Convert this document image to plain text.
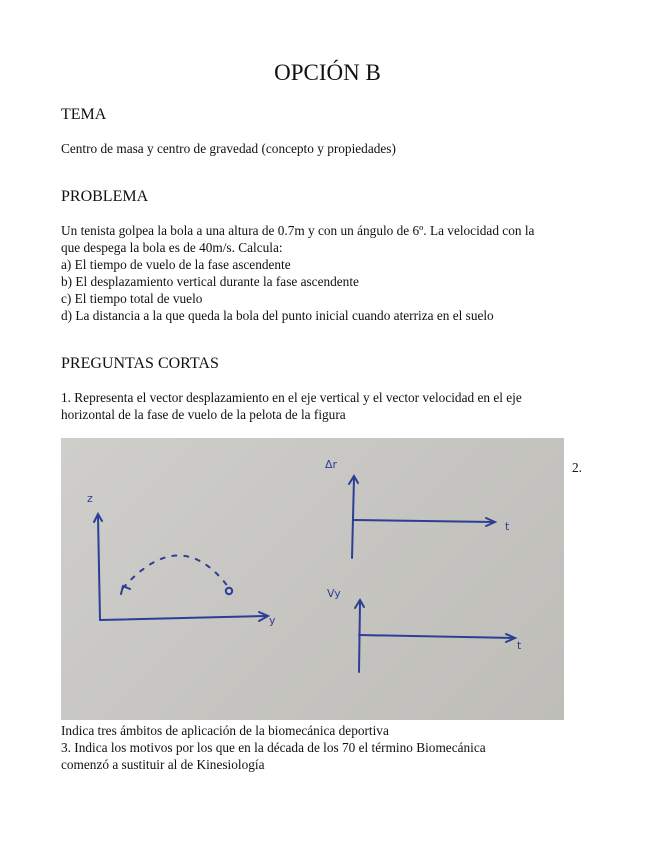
OPCIÓN B
TEMA
Centro de masa y centro de gravedad (concepto y propiedades)
PROBLEMA
Un tenista golpea la bola a una altura de 0.7m y con un ángulo de 6º. La velocidad con la
que despega la bola es de 40m/s. Calcula:
a) El tiempo de vuelo de la fase ascendente
b) El desplazamiento vertical durante la fase ascendente
c) El tiempo total de vuelo
d) La distancia a la que queda la bola del punto inicial cuando aterriza en el suelo
PREGUNTAS CORTAS
1. Representa el vector desplazamiento en el eje vertical y el vector velocidad en el eje
horizontal de la fase de vuelo de la pelota de la figura
z
y
Δr
t
Vy
t
2.
Indica tres ámbitos de aplicación de la biomecánica deportiva
3. Indica los motivos por los que en la década de los 70 el término Biomecánica
comenzó a sustituir al de Kinesiología
